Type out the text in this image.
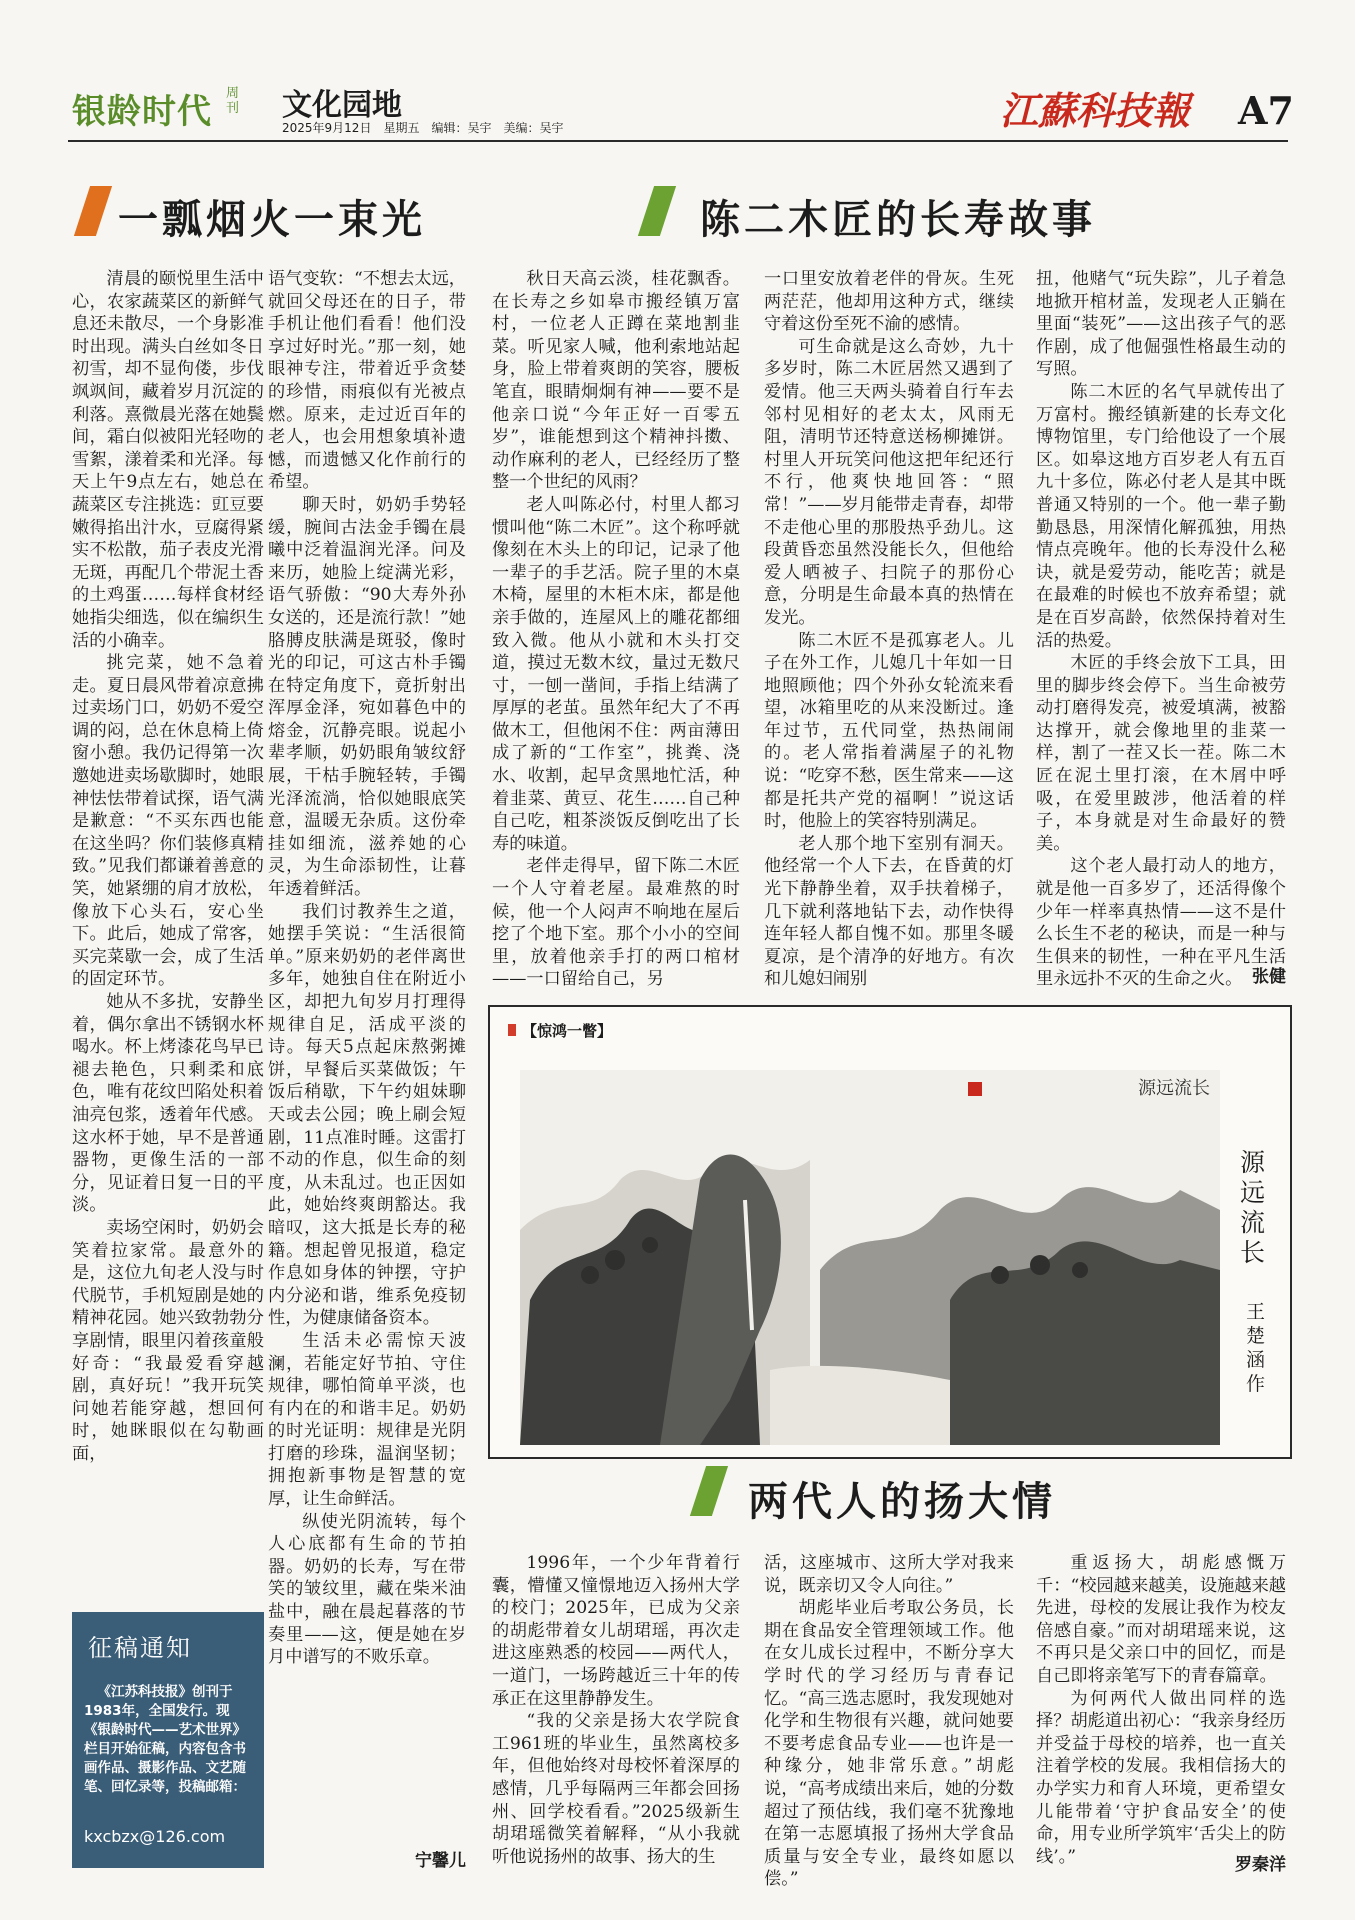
银龄时代 周刊 文化园地
2025年9月12日　星期五　编辑：吴宇　美编：吴宇	江蘇科技報 A7
一瓢烟火一束光	陈二木匠的长寿故事

清晨的颐悦里生活中心，农家蔬菜区的新鲜气息还未散尽，一个身影准时出现。满头白丝如冬日初雪，却不显佝偻，步伐飒飒间，藏着岁月沉淀的利落。熹微晨光落在她鬓间，霜白似被阳光轻吻的雪絮，漾着柔和光泽。每天上午9点左右，她总在蔬菜区专注挑选：豇豆要嫩得掐出汁水，豆腐得紧实不松散，茄子表皮光滑无斑，再配几个带泥土香的土鸡蛋……每样食材经她指尖细选，似在编织生活的小确幸。

挑完菜，她不急着走。夏日晨风带着凉意拂过卖场门口，奶奶不爱空调的闷，总在休息椅上倚窗小憩。我仍记得第一次邀她进卖场歇脚时，她眼神怯怯带着试探，语气满是歉意：“不买东西也能在这坐吗？你们装修真精致。”见我们都谦着善意的笑，她紧绷的肩才放松，像放下心头石，安心坐下。此后，她成了常客，买完菜歇一会，成了生活的固定环节。

她从不多扰，安静坐着，偶尔拿出不锈钢水杯喝水。杯上烤漆花鸟早已褪去艳色，只剩柔和底色，唯有花纹凹陷处积着油亮包浆，透着年代感。这水杯于她，早不是普通器物，更像生活的一部分，见证着日复一日的平淡。

卖场空闲时，奶奶会笑着拉家常。最意外的是，这位九旬老人没与时代脱节，手机短剧是她的精神花园。她兴致勃勃分享剧情，眼里闪着孩童般好奇：“我最爱看穿越剧，真好玩！”我开玩笑问她若能穿越，想回何时，她眯眼似在勾勒画面，

语气变软：“不想去太远，就回父母还在的日子，带手机让他们看看！他们没享过好时光。”那一刻，她眼神专注，带着近乎贪婪的珍惜，雨痕似有光被点燃。原来，走过近百年的老人，也会用想象填补遗憾，而遗憾又化作前行的希望。

聊天时，奶奶手势轻缓，腕间古法金手镯在晨曦中泛着温润光泽。问及来历，她脸上绽满光彩，语气骄傲：“90大寿外孙女送的，还是流行款！”她胳膊皮肤满是斑驳，像时光的印记，可这古朴手镯在特定角度下，竟折射出浑厚金泽，宛如暮色中的熔金，沉静亮眼。说起小辈孝顺，奶奶眼角皱纹舒展，干枯手腕轻转，手镯光泽流淌，恰似她眼底笑意，温暖无杂质。这份牵挂如细流，滋养她的心灵，为生命添韧性，让暮年透着鲜活。

我们讨教养生之道，她摆手笑说：“生活很简单。”原来奶奶的老伴离世多年，她独自住在附近小区，却把九旬岁月打理得规律自足，活成平淡的诗。每天5点起床熬粥摊饼，早餐后买菜做饭；午饭后稍歇，下午约姐妹聊天或去公园；晚上刷会短剧，11点准时睡。这雷打不动的作息，似生命的刻度，从未乱过。也正因如此，她始终爽朗豁达。我暗叹，这大抵是长寿的秘籍。想起曾见报道，稳定作息如身体的钟摆，守护内分泌和谐，维系免疫韧性，为健康储备资本。

生活未必需惊天波澜，若能定好节拍、守住规律，哪怕简单平淡，也有内在的和谐丰足。奶奶的时光证明：规律是光阴打磨的珍珠，温润坚韧；拥抱新事物是智慧的宽厚，让生命鲜活。

纵使光阴流转，每个人心底都有生命的节拍器。奶奶的长寿，写在带笑的皱纹里，藏在柴米油盐中，融在晨起暮落的节奏里——这，便是她在岁月中谱写的不败乐章。

宁馨儿

秋日天高云淡，桂花飘香。在长寿之乡如皋市搬经镇万富村，一位老人正蹲在菜地割韭菜。听见家人喊，他利索地站起身，脸上带着爽朗的笑容，腰板笔直，眼睛炯炯有神——要不是他亲口说“今年正好一百零五岁”，谁能想到这个精神抖擞、动作麻利的老人，已经经历了整整一个世纪的风雨？

老人叫陈必付，村里人都习惯叫他“陈二木匠”。这个称呼就像刻在木头上的印记，记录了他一辈子的手艺活。院子里的木桌木椅，屋里的木柜木床，都是他亲手做的，连屋风上的雕花都细致入微。他从小就和木头打交道，摸过无数木纹，量过无数尺寸，一刨一凿间，手指上结满了厚厚的老茧。虽然年纪大了不再做木工，但他闲不住：两亩薄田成了新的“工作室”，挑粪、浇水、收割，起早贪黑地忙活，种着韭菜、黄豆、花生……自己种自己吃，粗茶淡饭反倒吃出了长寿的味道。

老伴走得早，留下陈二木匠一个人守着老屋。最难熬的时候，他一个人闷声不响地在屋后挖了个地下室。那个小小的空间里，放着他亲手打的两口棺材——一口留给自己，另

一口里安放着老伴的骨灰。生死两茫茫，他却用这种方式，继续守着这份至死不渝的感情。

可生命就是这么奇妙，九十多岁时，陈二木匠居然又遇到了爱情。他三天两头骑着自行车去邻村见相好的老太太，风雨无阻，清明节还特意送杨柳摊饼。村里人开玩笑问他这把年纪还行不行，他爽快地回答：“照常！”——岁月能带走青春，却带不走他心里的那股热乎劲儿。这段黄昏恋虽然没能长久，但他给爱人晒被子、扫院子的那份心意，分明是生命最本真的热情在发光。

陈二木匠不是孤寡老人。儿子在外工作，儿媳几十年如一日地照顾他；四个外孙女轮流来看望，冰箱里吃的从来没断过。逢年过节，五代同堂，热热闹闹的。老人常指着满屋子的礼物说：“吃穿不愁，医生常来——这都是托共产党的福啊！”说这话时，他脸上的笑容特别满足。

老人那个地下室别有洞天。他经常一个人下去，在昏黄的灯光下静静坐着，双手扶着梯子，几下就利落地钻下去，动作快得连年轻人都自愧不如。那里冬暖夏凉，是个清净的好地方。有次和儿媳妇闹别

扭，他赌气“玩失踪”，儿子着急地掀开棺材盖，发现老人正躺在里面“装死”——这出孩子气的恶作剧，成了他倔强性格最生动的写照。

陈二木匠的名气早就传出了万富村。搬经镇新建的长寿文化博物馆里，专门给他设了一个展区。如皋这地方百岁老人有五百九十多位，陈必付老人是其中既普通又特别的一个。他一辈子勤勤恳恳，用深情化解孤独，用热情点亮晚年。他的长寿没什么秘诀，就是爱劳动，能吃苦；就是在最难的时候也不放弃希望；就是在百岁高龄，依然保持着对生活的热爱。

木匠的手终会放下工具，田里的脚步终会停下。当生命被劳动打磨得发亮，被爱填满，被豁达撑开，就会像地里的韭菜一样，割了一茬又长一茬。陈二木匠在泥土里打滚，在木屑中呼吸，在爱里跛涉，他活着的样子，本身就是对生命最好的赞美。

这个老人最打动人的地方，就是他一百多岁了，还活得像个少年一样率真热情——这不是什么长生不老的秘诀，而是一种与生俱来的韧性，一种在平凡生活里永远扑不灭的生命之火。 张健
【惊鸿一瞥】
源远流长
源远流长
王楚涵作
两代人的扬大情

1996年，一个少年背着行囊，懵懂又憧憬地迈入扬州大学的校门；2025年，已成为父亲的胡彪带着女儿胡珺瑶，再次走进这座熟悉的校园——两代人，一道门，一场跨越近三十年的传承正在这里静静发生。

“我的父亲是扬大农学院食工961班的毕业生，虽然离校多年，但他始终对母校怀着深厚的感情，几乎每隔两三年都会回扬州、回学校看看。”2025级新生胡珺瑶微笑着解释，“从小我就听他说扬州的故事、扬大的生

活，这座城市、这所大学对我来说，既亲切又令人向往。”

胡彪毕业后考取公务员，长期在食品安全管理领域工作。他在女儿成长过程中，不断分享大学时代的学习经历与青春记忆。“高三选志愿时，我发现她对化学和生物很有兴趣，就问她要不要考虑食品专业——也许是一种缘分，她非常乐意。”胡彪说，“高考成绩出来后，她的分数超过了预估线，我们毫不犹豫地在第一志愿填报了扬州大学食品质量与安全专业，最终如愿以偿。”

重返扬大，胡彪感慨万千：“校园越来越美，设施越来越先进，母校的发展让我作为校友倍感自豪。”而对胡珺瑶来说，这不再只是父亲口中的回忆，而是自己即将亲笔写下的青春篇章。

为何两代人做出同样的选择？胡彪道出初心：“我亲身经历并受益于母校的培养，也一直关注着学校的发展。我相信扬大的办学实力和育人环境，更希望女儿能带着‘守护食品安全’的使命，用专业所学筑牢‘舌尖上的防线’。”	罗秦洋
征稿通知
《江苏科技报》创刊于1983年，全国发行。现《银龄时代——艺术世界》栏目开始征稿，内容包含书画作品、摄影作品、文艺随笔、回忆录等，投稿邮箱：
kxcbzx@126.com
